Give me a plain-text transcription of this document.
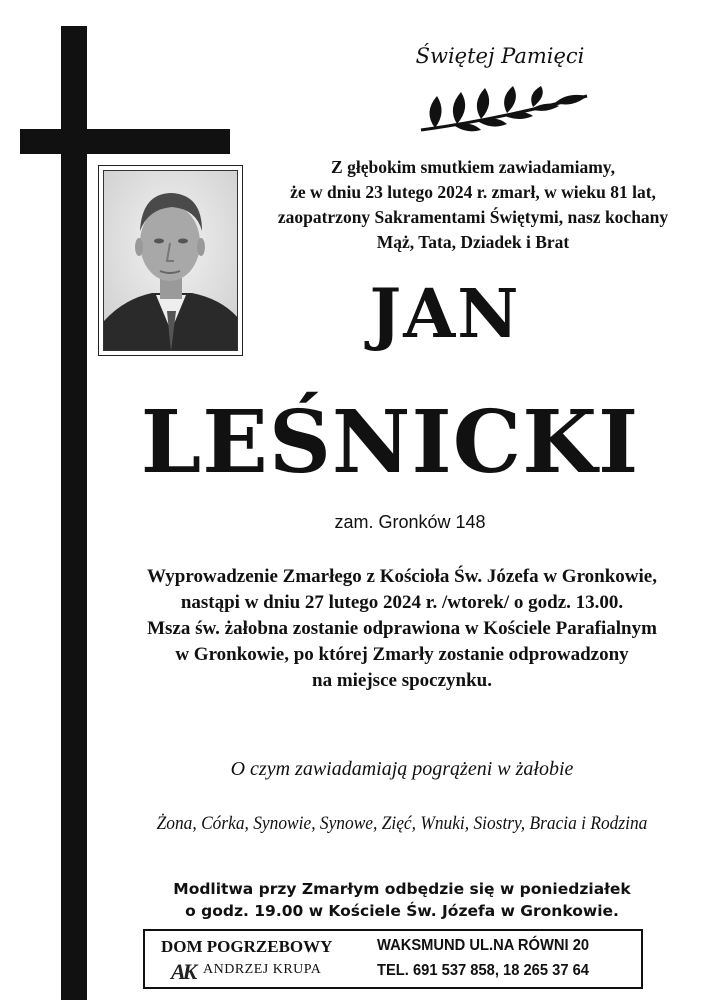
Świętej Pamięci
Z głębokim smutkiem zawiadamiamy,
że w dniu 23 lutego 2024 r. zmarł, w wieku 81 lat,
zaopatrzony Sakramentami Świętymi, nasz kochany
Mąż, Tata, Dziadek i Brat
JAN
LEŚNICKI
zam. Gronków 148
Wyprowadzenie Zmarłego z Kościoła Św. Józefa w Gronkowie,
nastąpi w dniu 27 lutego 2024 r. /wtorek/ o godz. 13.00.
Msza św. żałobna zostanie odprawiona w Kościele Parafialnym
w Gronkowie, po której Zmarły zostanie odprowadzony
na miejsce spoczynku.
O czym zawiadamiają pogrążeni w żałobie
Żona, Córka, Synowie, Synowe, Zięć, Wnuki, Siostry, Bracia i Rodzina
Modlitwa przy Zmarłym odbędzie się w poniedziałek
o godz. 19.00 w Kościele Św. Józefa w Gronkowie.
DOM POGRZEBOWY
AK ANDRZEJ KRUPA
WAKSMUND UL.NA RÓWNI 20
TEL. 691 537 858, 18 265 37 64
